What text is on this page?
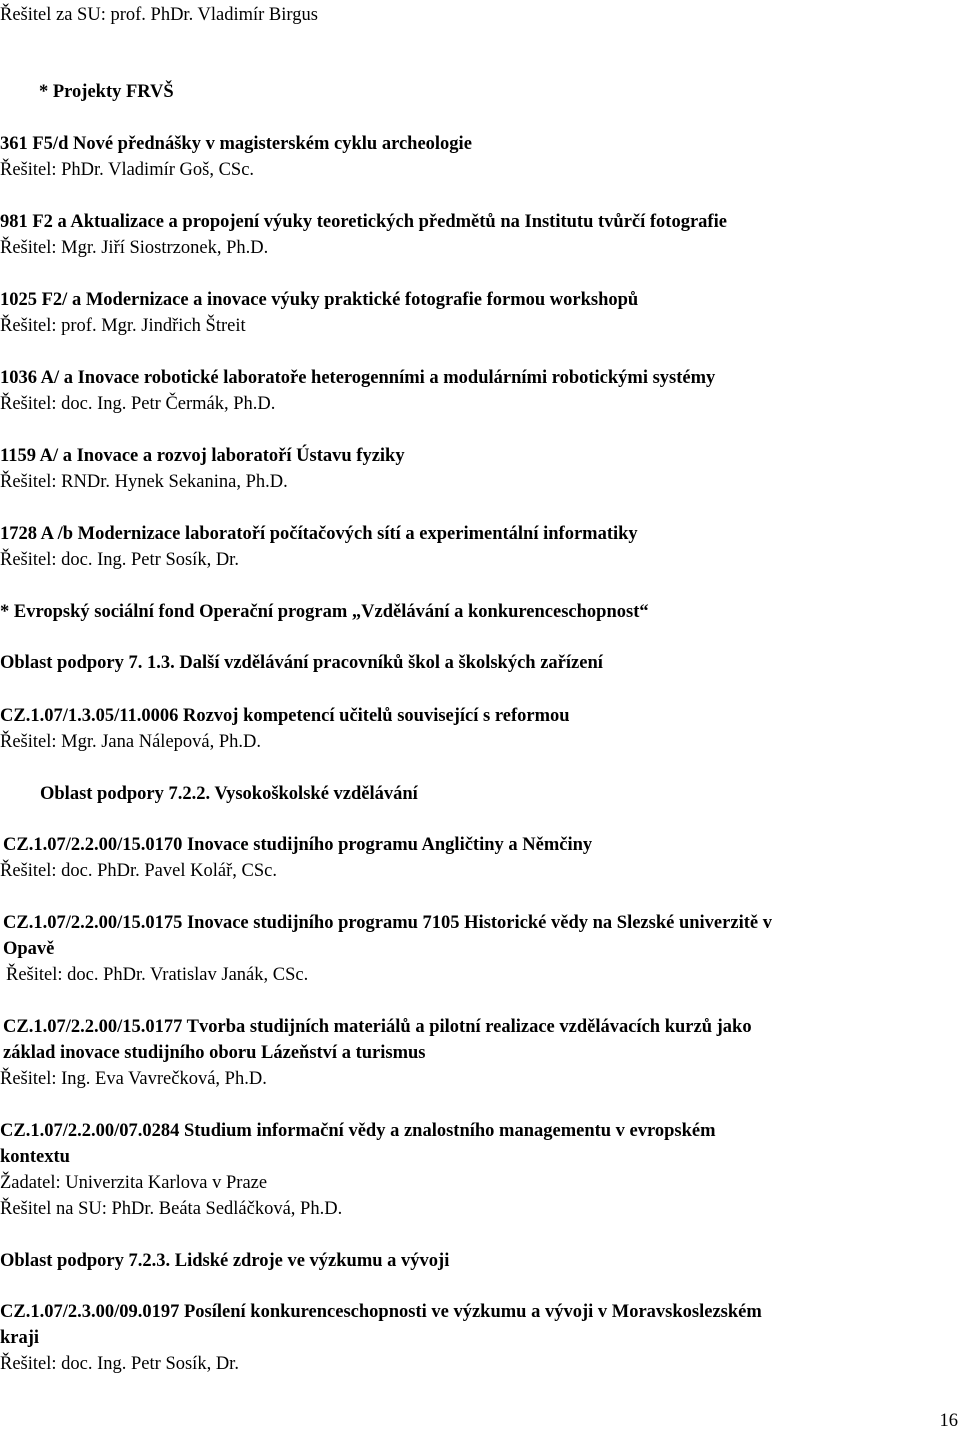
Řešitel za SU: prof. PhDr. Vladimír Birgus
* Projekty FRVŠ
361 F5/d Nové přednášky v magisterském cyklu archeologie
Řešitel: PhDr. Vladimír Goš, CSc.
981 F2 a Aktualizace a propojení výuky teoretických předmětů na Institutu tvůrčí fotografie
Řešitel: Mgr. Jiří Siostrzonek, Ph.D.
1025 F2/ a Modernizace a inovace výuky praktické fotografie formou workshopů
Řešitel: prof. Mgr. Jindřich Štreit
1036 A/ a Inovace robotické laboratoře heterogenními a modulárními robotickými systémy
Řešitel: doc. Ing. Petr Čermák, Ph.D.
1159 A/ a Inovace a rozvoj laboratoří Ústavu fyziky
Řešitel: RNDr. Hynek Sekanina, Ph.D.
1728 A /b Modernizace laboratoří počítačových sítí a experimentální informatiky
Řešitel: doc. Ing. Petr Sosík, Dr.
* Evropský sociální fond Operační program „Vzdělávání a konkurenceschopnost“
Oblast podpory 7. 1.3. Další vzdělávání pracovníků škol a školských zařízení
CZ.1.07/1.3.05/11.0006 Rozvoj kompetencí učitelů související s reformou
Řešitel: Mgr. Jana Nálepová, Ph.D.
Oblast podpory 7.2.2. Vysokoškolské vzdělávání
CZ.1.07/2.2.00/15.0170 Inovace studijního programu Angličtiny a Němčiny
Řešitel: doc. PhDr. Pavel Kolář, CSc.
CZ.1.07/2.2.00/15.0175 Inovace studijního programu 7105 Historické vědy na Slezské univerzitě v
Opavě
Řešitel: doc. PhDr. Vratislav Janák, CSc.
CZ.1.07/2.2.00/15.0177 Tvorba studijních materiálů a pilotní realizace vzdělávacích kurzů jako
základ inovace studijního oboru Lázeňství a turismus
Řešitel: Ing. Eva Vavrečková, Ph.D.
CZ.1.07/2.2.00/07.0284 Studium informační vědy a znalostního managementu v evropském
kontextu
Žadatel: Univerzita Karlova v Praze
Řešitel na SU: PhDr. Beáta Sedláčková, Ph.D.
Oblast podpory 7.2.3. Lidské zdroje ve výzkumu a vývoji
CZ.1.07/2.3.00/09.0197 Posílení konkurenceschopnosti ve výzkumu a vývoji v Moravskoslezském
kraji
Řešitel: doc. Ing. Petr Sosík, Dr.
16
